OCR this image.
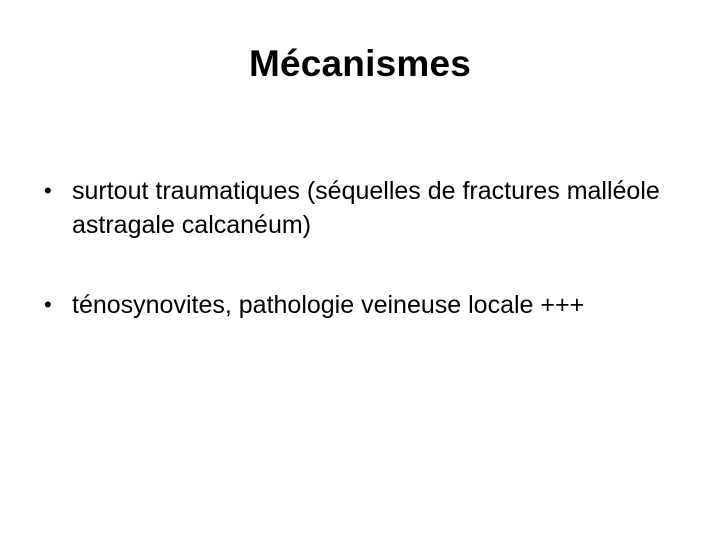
Mécanismes
• surtout traumatiques (séquelles de fractures malléole astragale calcanéum)
• ténosynovites, pathologie veineuse locale +++
